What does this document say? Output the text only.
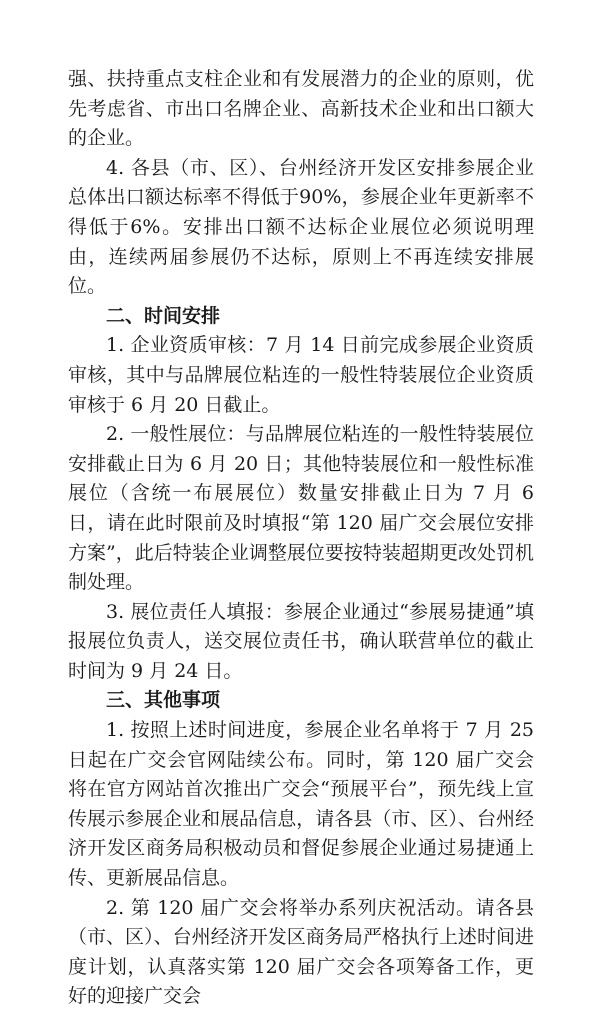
强、扶持重点支柱企业和有发展潜力的企业的原则，优先考虑省、市出口名牌企业、高新技术企业和出口额大的企业。

4. 各县（市、区）、台州经济开发区安排参展企业总体出口额达标率不得低于90%，参展企业年更新率不得低于6%。安排出口额不达标企业展位必须说明理由，连续两届参展仍不达标，原则上不再连续安排展位。

二、时间安排

1. 企业资质审核：7 月 14 日前完成参展企业资质审核，其中与品牌展位粘连的一般性特装展位企业资质审核于 6 月 20 日截止。

2. 一般性展位：与品牌展位粘连的一般性特装展位安排截止日为 6 月 20 日；其他特装展位和一般性标准展位（含统一布展展位）数量安排截止日为 7 月 6 日，请在此时限前及时填报“第 120 届广交会展位安排方案”，此后特装企业调整展位要按特装超期更改处罚机制处理。

3. 展位责任人填报：参展企业通过“参展易捷通”填报展位负责人，送交展位责任书，确认联营单位的截止时间为 9 月 24 日。

三、其他事项

1. 按照上述时间进度，参展企业名单将于 7 月 25 日起在广交会官网陆续公布。同时，第 120 届广交会将在官方网站首次推出广交会“预展平台”，预先线上宣传展示参展企业和展品信息，请各县（市、区）、台州经济开发区商务局积极动员和督促参展企业通过易捷通上传、更新展品信息。

2. 第 120 届广交会将举办系列庆祝活动。请各县（市、区）、台州经济开发区商务局严格执行上述时间进度计划，认真落实第 120 届广交会各项筹备工作，更好的迎接广交会
